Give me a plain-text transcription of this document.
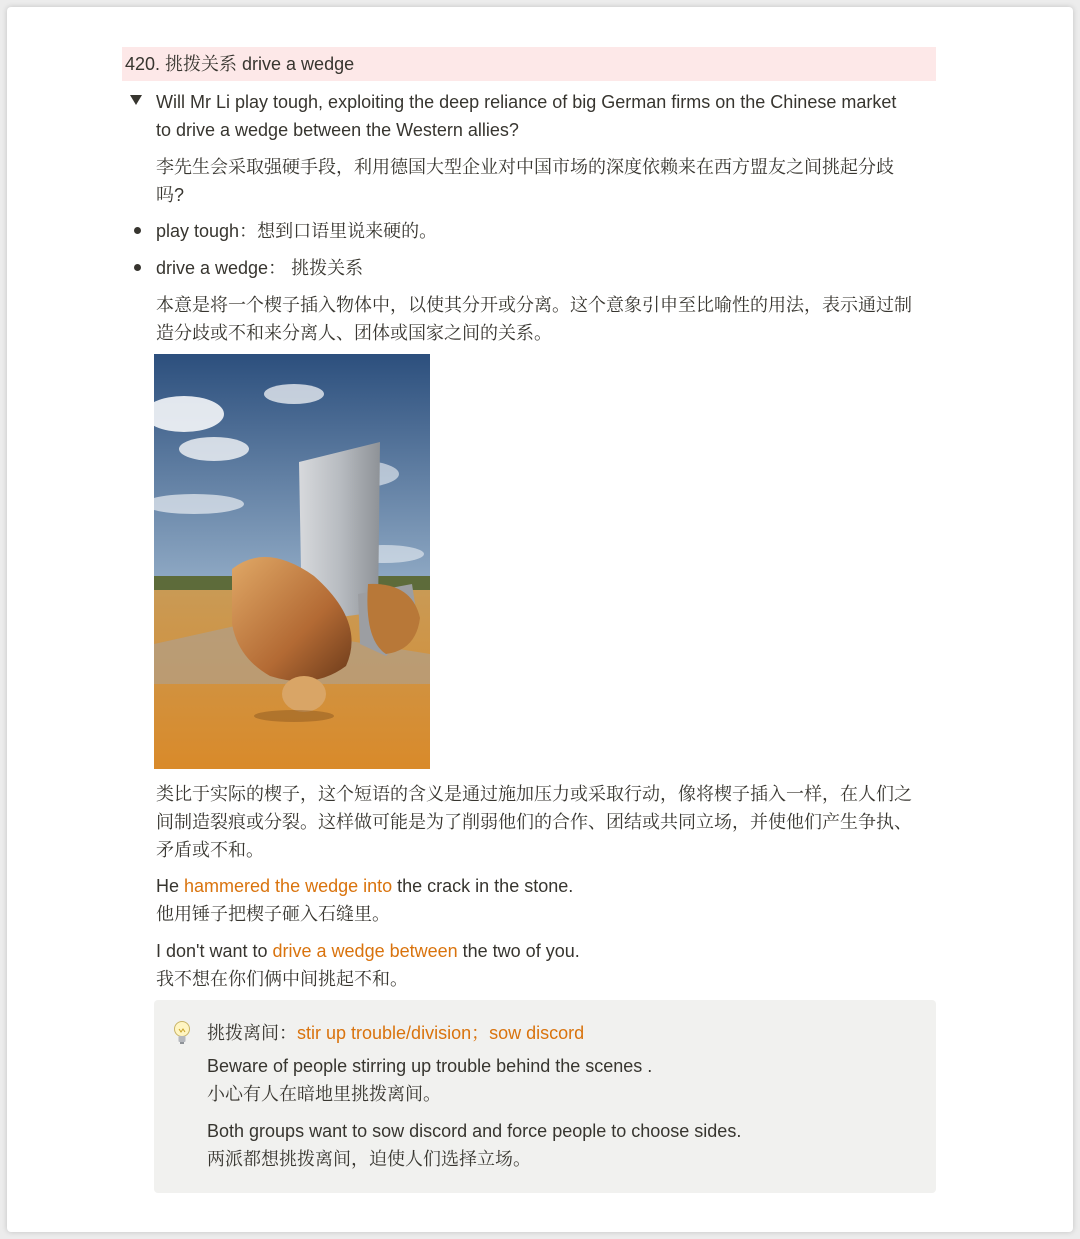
420. 挑拨关系 drive a wedge
Will Mr Li play tough, exploiting the deep reliance of big German firms on the Chinese market
to drive a wedge between the Western allies?
李先生会采取强硬手段，利用德国大型企业对中国市场的深度依赖来在西方盟友之间挑起分歧
吗?
play tough：想到口语里说来硬的。
drive a wedge： 挑拨关系
本意是将一个楔子插入物体中，以使其分开或分离。这个意象引申至比喻性的用法，表示通过制
造分歧或不和来分离人、团体或国家之间的关系。
类比于实际的楔子，这个短语的含义是通过施加压力或采取行动，像将楔子插入一样，在人们之
间制造裂痕或分裂。这样做可能是为了削弱他们的合作、团结或共同立场，并使他们产生争执、
矛盾或不和。
He hammered the wedge into the crack in the stone.
他用锤子把楔子砸入石缝里。
I don't want to drive a wedge between the two of you.
我不想在你们俩中间挑起不和。
挑拨离间：stir up trouble/division；sow discord
Beware of people stirring up trouble behind the scenes .
小心有人在暗地里挑拨离间。
Both groups want to sow discord and force people to choose sides.
两派都想挑拨离间，迫使人们选择立场。
